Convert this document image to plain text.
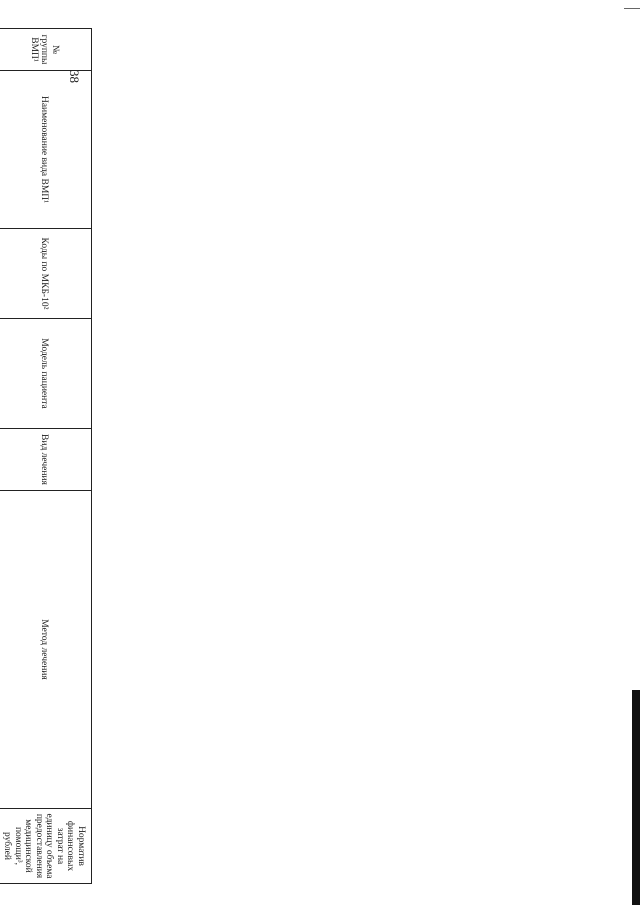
38
№ группы ВМП¹	Наименование вида ВМП¹	Коды по МКБ-10²	Модель пациента	Вид лечения	Метод лечения	Норматив финансовых затрат на единицу объема предоставления медицинской помощи³, рублей
